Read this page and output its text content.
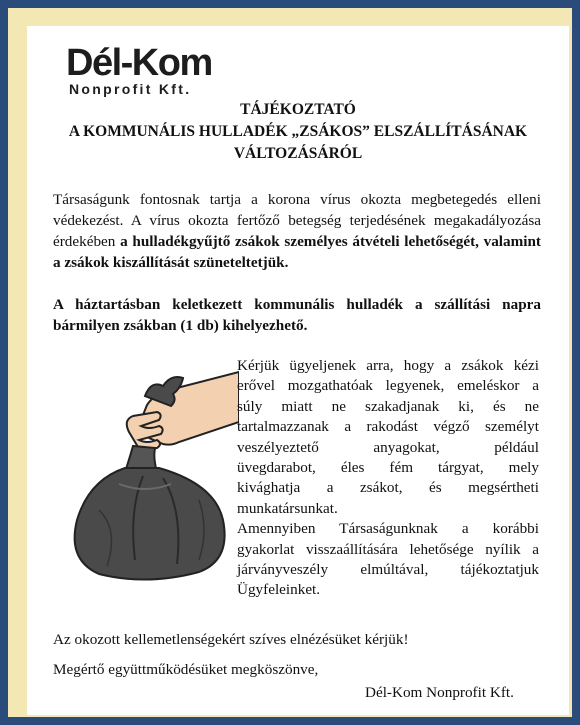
Dél-Kom
Nonprofit Kft.
TÁJÉKOZTATÓ
A KOMMUNÁLIS HULLADÉK „ZSÁKOS” ELSZÁLLÍTÁSÁNAK
VÁLTOZÁSÁRÓL
Társaságunk fontosnak tartja a korona vírus okozta megbetegedés elleni védekezést. A vírus okozta fertőző betegség terjedésének megakadályozása érdekében a hulladékgyűjtő zsákok személyes átvételi lehetőségét, valamint a zsákok kiszállítását szüneteltetjük.
A háztartásban keletkezett kommunális hulladék a szállítási napra bármilyen zsákban (1 db) kihelyezhető.
Kérjük ügyeljenek arra, hogy a zsákok kézi
erővel mozgathatóak legyenek, emeléskor a
súly miatt ne szakadjanak ki, és ne
tartalmazzanak a rakodást végző személyt
veszélyeztető anyagokat, például
üvegdarabot, éles fém tárgyat, mely
kivághatja a zsákot, és megsértheti
munkatársunkat.
Amennyiben Társaságunknak a korábbi
gyakorlat visszaállítására lehetősége nyílik a
járványveszély elmúltával, tájékoztatjuk
Ügyfeleinket.
Az okozott kellemetlenségekért szíves elnézésüket kérjük!
Megértő együttműködésüket megköszönve,
Dél-Kom Nonprofit Kft.
